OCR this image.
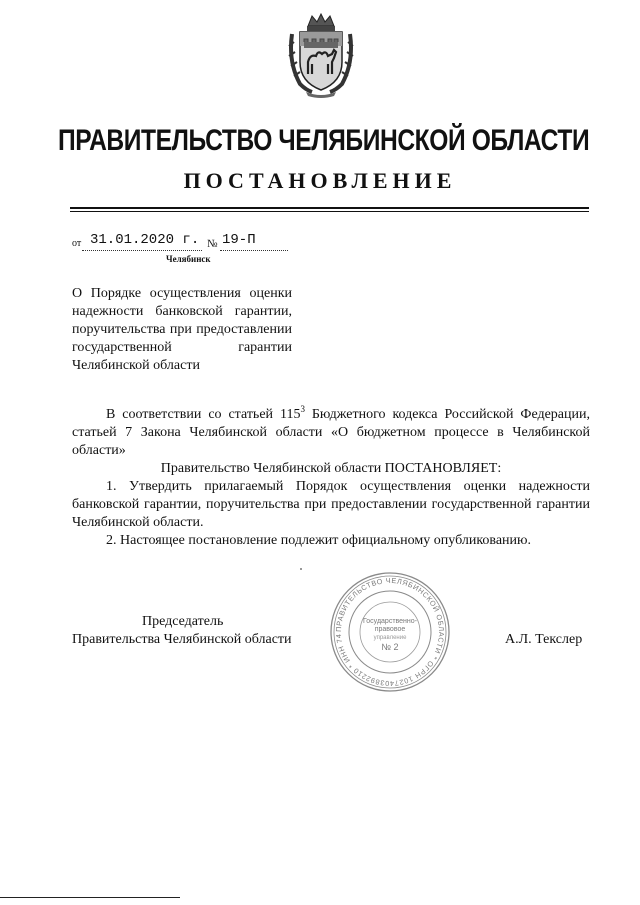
ПРАВИТЕЛЬСТВО ЧЕЛЯБИНСКОЙ ОБЛАСТИ
ПОСТАНОВЛЕНИЕ
от 31.01.2020 г. № 19-П
Челябинск
О Порядке осуществления оценки надежности банковской гарантии, поручительства при предоставлении государственной гарантии Челябинской области

В соответствии со статьей $115^3$ Бюджетного кодекса Российской Федерации, статьей 7 Закона Челябинской области «О бюджетном процессе в Челябинской области»

Правительство Челябинской области ПОСТАНОВЛЯЕТ:

1. Утвердить прилагаемый Порядок осуществления оценки надежности банковской гарантии, поручительства при предоставлении государственной гарантии Челябинской области.

2. Настоящее постановление подлежит официальному опубликованию.

Председатель
Правительства Челябинской области	А.Л. Текслер
ПРАВИТЕЛЬСТВО ЧЕЛЯБИНСКОЙ ОБЛАСТИ * ОГРН 1027403892210 * ИНН 74
Государственно-
правовое
управление
№ 2
